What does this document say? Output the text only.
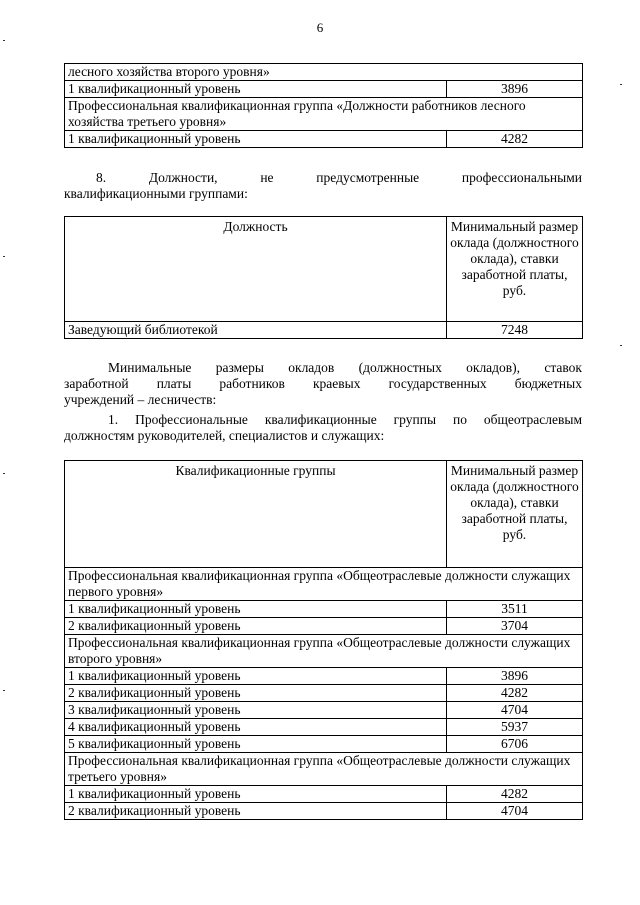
6
лесного хозяйства второго уровня»	
1 квалификационный уровень	3896
Профессиональная квалификационная группа «Должности работников лесного хозяйства третьего уровня»	
1 квалификационный уровень	4282
8.	Должности,	не	предусмотренные	профессиональными
квалификационными группами:
Должность	Минимальный размер оклада (должностного оклада), ставки заработной платы, руб.
Заведующий библиотекой	7248
Минимальные размеры окладов (должностных окладов), ставок
заработной платы работников краевых государственных бюджетных
учреждений – лесничеств:
1. Профессиональные квалификационные группы по общеотраслевым
должностям руководителей, специалистов и служащих:
Квалификационные группы	Минимальный размер оклада (должностного оклада), ставки заработной платы, руб.
Профессиональная квалификационная группа «Общеотраслевые должности служащих первого уровня»	
1 квалификационный уровень	3511
2 квалификационный уровень	3704
Профессиональная квалификационная группа «Общеотраслевые должности служащих второго уровня»	
1 квалификационный уровень	3896
2 квалификационный уровень	4282
3 квалификационный уровень	4704
4 квалификационный уровень	5937
5 квалификационный уровень	6706
Профессиональная квалификационная группа «Общеотраслевые должности служащих третьего уровня»	
1 квалификационный уровень	4282
2 квалификационный уровень	4704
